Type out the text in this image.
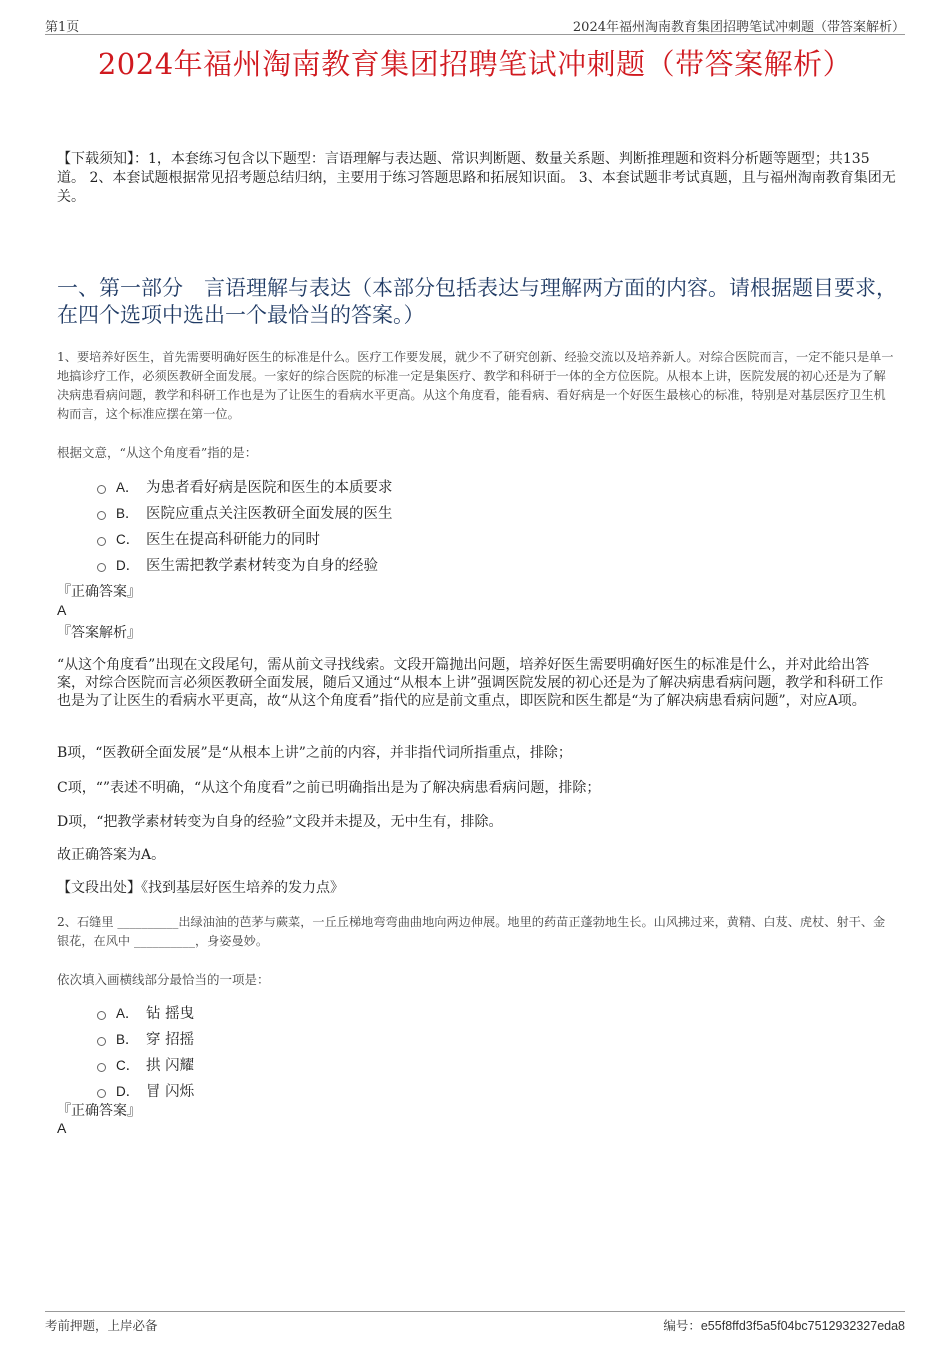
第1页	2024年福州淘南教育集团招聘笔试冲刺题（带答案解析）
2024年福州淘南教育集团招聘笔试冲刺题（带答案解析）
【下载须知】：1，本套练习包含以下题型：言语理解与表达题、常识判断题、数量关系题、判断推理题和资料分析题等题型；共135道。 2、本套试题根据常见招考题总结归纳，主要用于练习答题思路和拓展知识面。 3、本套试题非考试真题，且与福州淘南教育集团无关。
一、第一部分　言语理解与表达（本部分包括表达与理解两方面的内容。请根据题目要求，在四个选项中选出一个最恰当的答案。）
1、要培养好医生，首先需要明确好医生的标准是什么。医疗工作要发展，就少不了研究创新、经验交流以及培养新人。对综合医院而言，一定不能只是单一地搞诊疗工作，必须医教研全面发展。一家好的综合医院的标准一定是集医疗、教学和科研于一体的全方位医院。从根本上讲，医院发展的初心还是为了解决病患看病问题，教学和科研工作也是为了让医生的看病水平更高。从这个角度看，能看病、看好病是一个好医生最核心的标准，特别是对基层医疗卫生机构而言，这个标准应摆在第一位。
根据文意，“从这个角度看”指的是：
A． 为患者看好病是医院和医生的本质要求
B． 医院应重点关注医教研全面发展的医生
C． 医生在提高科研能力的同时
D． 医生需把教学素材转变为自身的经验
『正确答案』
A
『答案解析』
“从这个角度看”出现在文段尾句，需从前文寻找线索。文段开篇抛出问题，培养好医生需要明确好医生的标准是什么，并对此给出答案，对综合医院而言必须医教研全面发展，随后又通过“从根本上讲”强调医院发展的初心还是为了解决病患看病问题，教学和科研工作也是为了让医生的看病水平更高，故“从这个角度看”指代的应是前文重点，即医院和医生都是“为了解决病患看病问题”，对应A项。
B项，“医教研全面发展”是“从根本上讲”之前的内容，并非指代词所指重点，排除；
C项，“”表述不明确，“从这个角度看”之前已明确指出是为了解决病患看病问题，排除；
D项，“把教学素材转变为自身的经验”文段并未提及，无中生有，排除。
故正确答案为A。
【文段出处】《找到基层好医生培养的发力点》
2、石缝里 __________出绿油油的芭茅与蕨菜，一丘丘梯地弯弯曲曲地向两边伸展。地里的药苗正蓬勃地生长。山风拂过来，黄精、白芨、虎杖、射干、金银花，在风中 __________，身姿曼妙。
依次填入画横线部分最恰当的一项是：
A． 钻 摇曳
B． 穿 招摇
C． 拱 闪耀
D． 冒 闪烁
『正确答案』
A
考前押题，上岸必备	编号：e55f8ffd3f5a5f04bc7512932327eda8
